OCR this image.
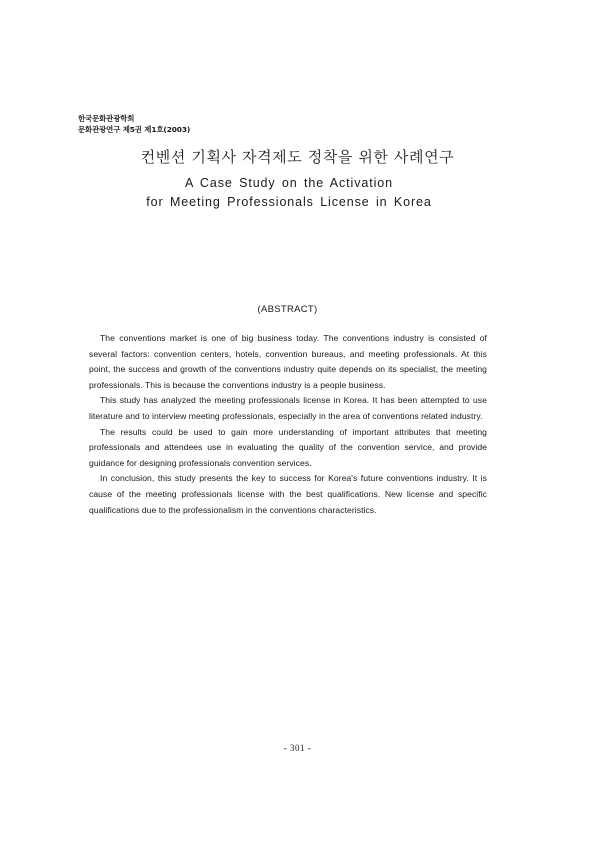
한국문화관광학회
문화관광연구 제5권 제1호(2003)
컨벤션 기획사 자격제도 정착을 위한 사례연구
A Case Study on the Activation
for Meeting Professionals License in Korea
(ABSTRACT)

The conventions market is one of big business today. The conventions industry is consisted of several factors: convention centers, hotels, convention bureaus, and meeting professionals. At this point, the success and growth of the conventions industry quite depends on its specialist, the meeting professionals. This is because the conventions industry is a people business.

This study has analyzed the meeting professionals license in Korea. It has been attempted to use literature and to interview meeting professionals, especially in the area of conventions related industry.

The results could be used to gain more understanding of important attributes that meeting professionals and attendees use in evaluating the quality of the convention service, and provide guidance for designing professionals convention services.

In conclusion, this study presents the key to success for Korea's future conventions industry. It is cause of the meeting professionals license with the best qualifications. New license and specific qualifications due to the professionalism in the conventions characteristics.

- 301 -
